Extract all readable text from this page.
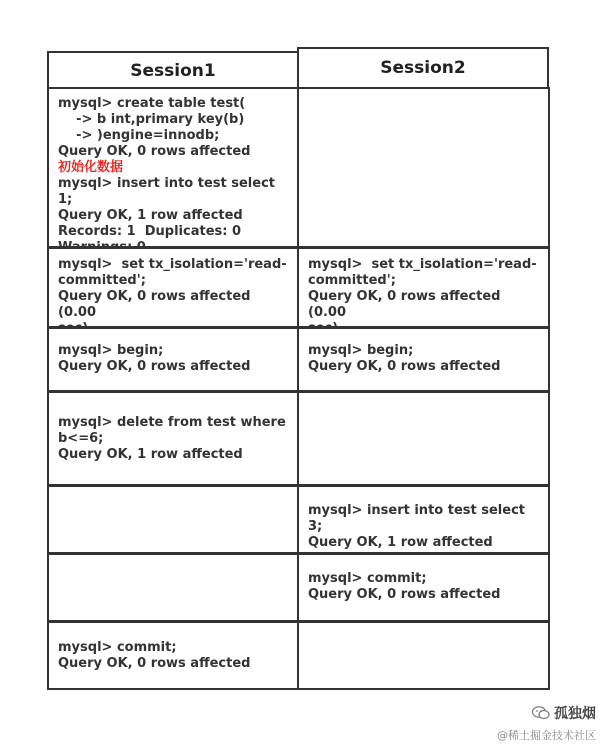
Session1	Session2
mysql> create table test(
-> b int,primary key(b)
-> )engine=innodb;
Query OK, 0 rows affected
初始化数据
mysql> insert into test select 1;
Query OK, 1 row affected
Records: 1  Duplicates: 0
mysql>  set tx_isolation='read-
committed';
Query OK, 0 rows affected (0.00
mysql>  set tx_isolation='read-
committed';
Query OK, 0 rows affected (0.00
mysql> begin;
Query OK, 0 rows affected
mysql> begin;
Query OK, 0 rows affected
mysql> delete from test where
b<=6;
Query OK, 1 row affected
mysql> insert into test select 3;
Query OK, 1 row affected
mysql> commit;
Query OK, 0 rows affected
mysql> commit;
Query OK, 0 rows affected
孤独烟
@稀土掘金技术社区
